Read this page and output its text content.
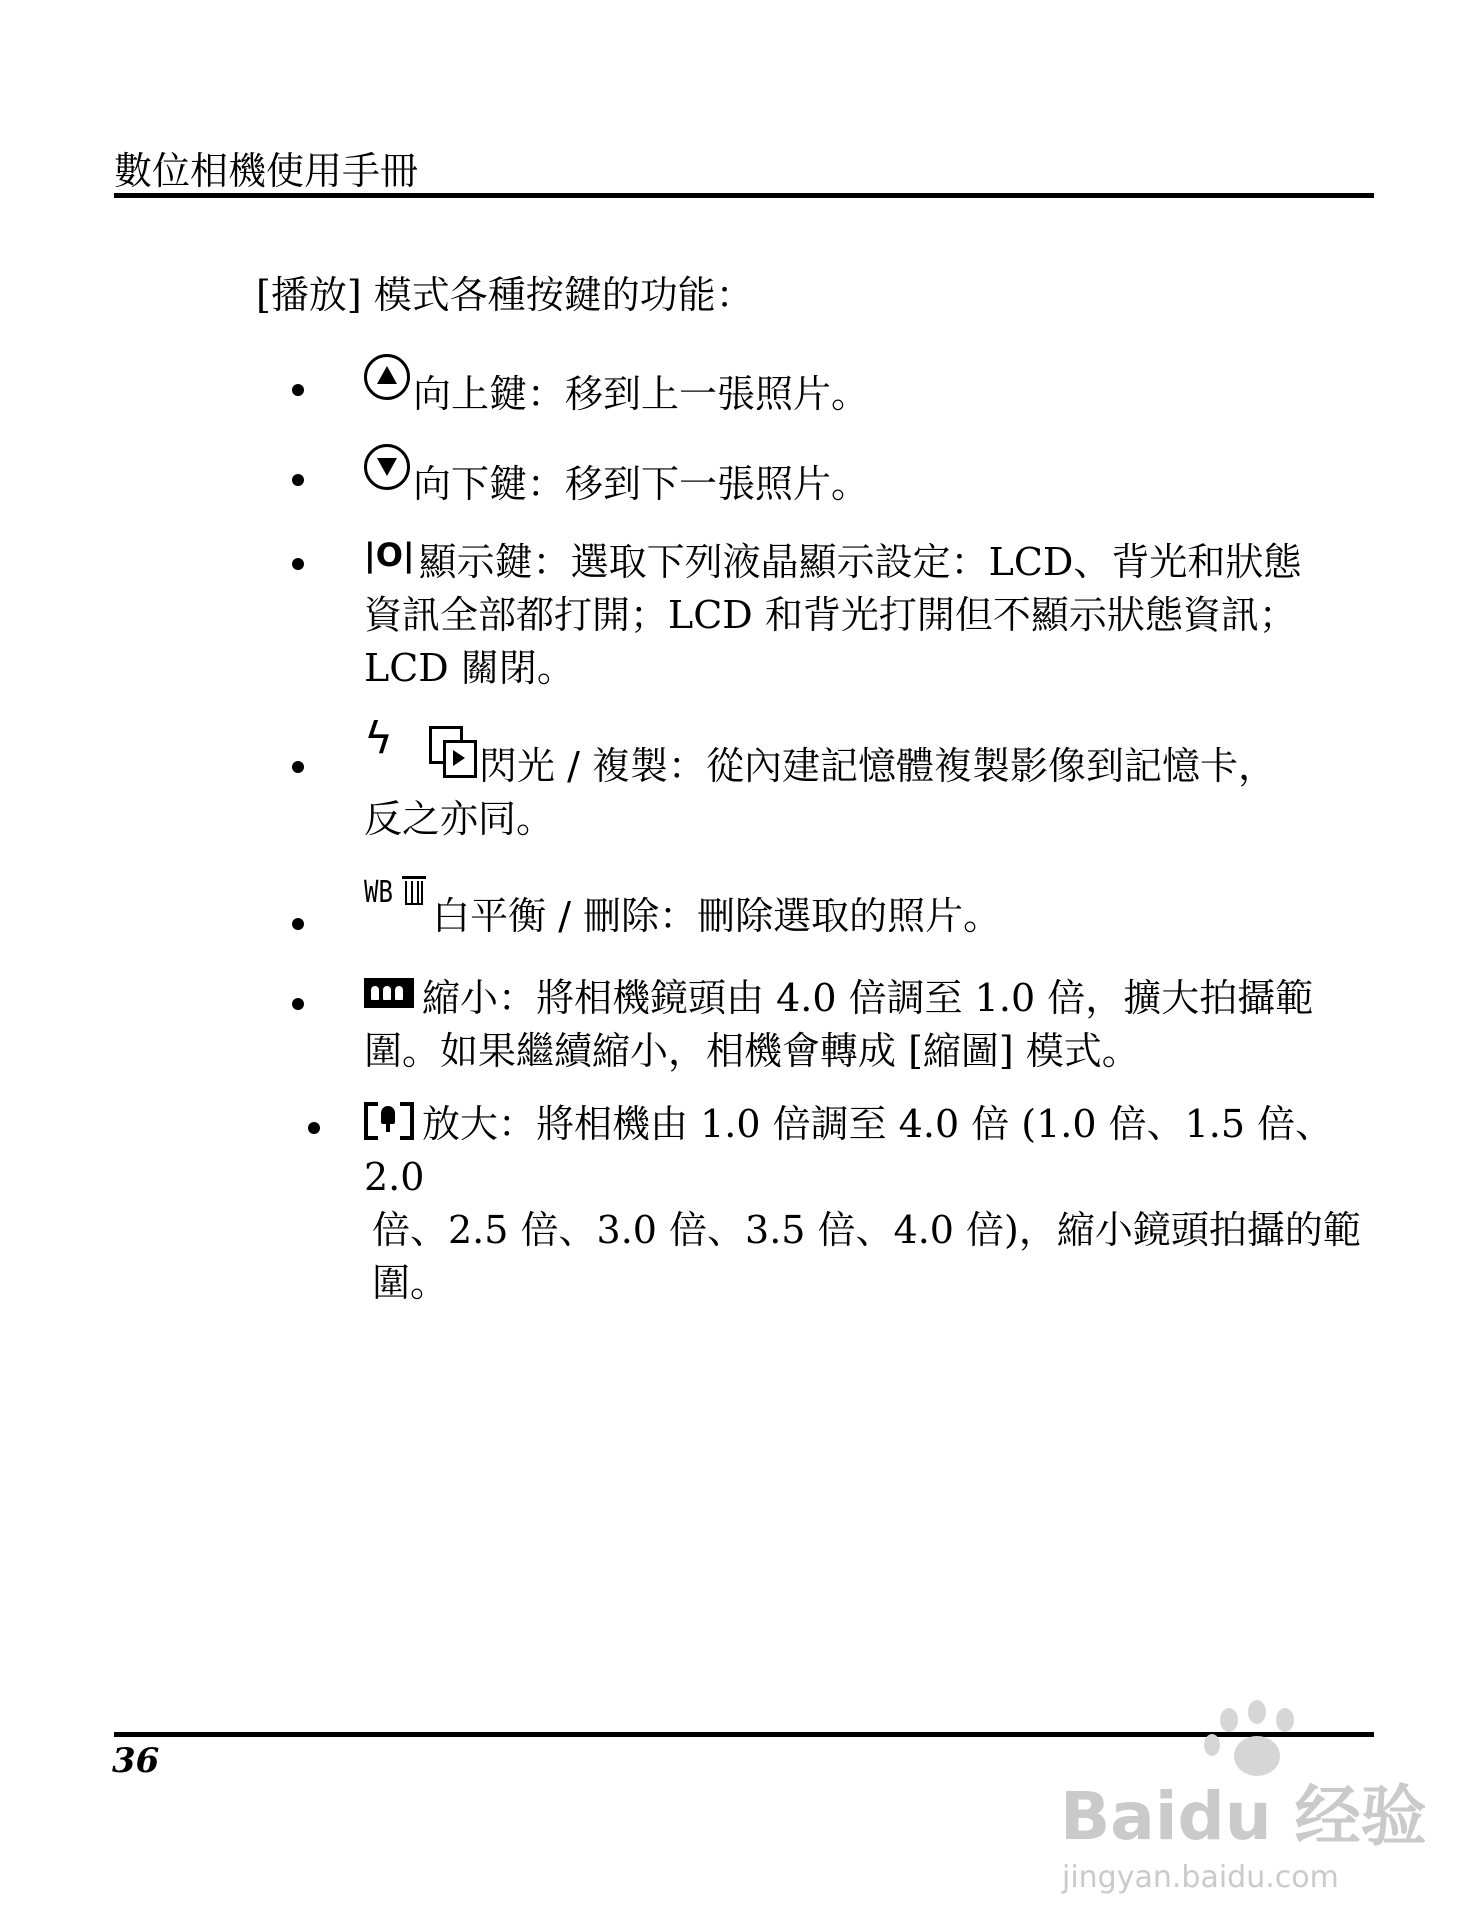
數位相機使用手冊
[播放] 模式各種按鍵的功能：
向上鍵：移到上一張照片。
向下鍵：移到下一張照片。
|O| 顯示鍵：選取下列液晶顯示設定：LCD、背光和狀態
資訊全部都打開；LCD 和背光打開但不顯示狀態資訊；
LCD 關閉。
ϟ
閃光 / 複製：從內建記憶體複製影像到記憶卡，
反之亦同。
WB
白平衡 / 刪除：刪除選取的照片。
縮小：將相機鏡頭由 4.0 倍調至 1.0 倍，擴大拍攝範
圍。如果繼續縮小，相機會轉成 [縮圖] 模式。
放大：將相機由 1.0 倍調至 4.0 倍 (1.0 倍、1.5 倍、2.0
倍、2.5 倍、3.0 倍、3.5 倍、4.0 倍)，縮小鏡頭拍攝的範
圍。
36
Baidu 经验
jingyan.baidu.com
